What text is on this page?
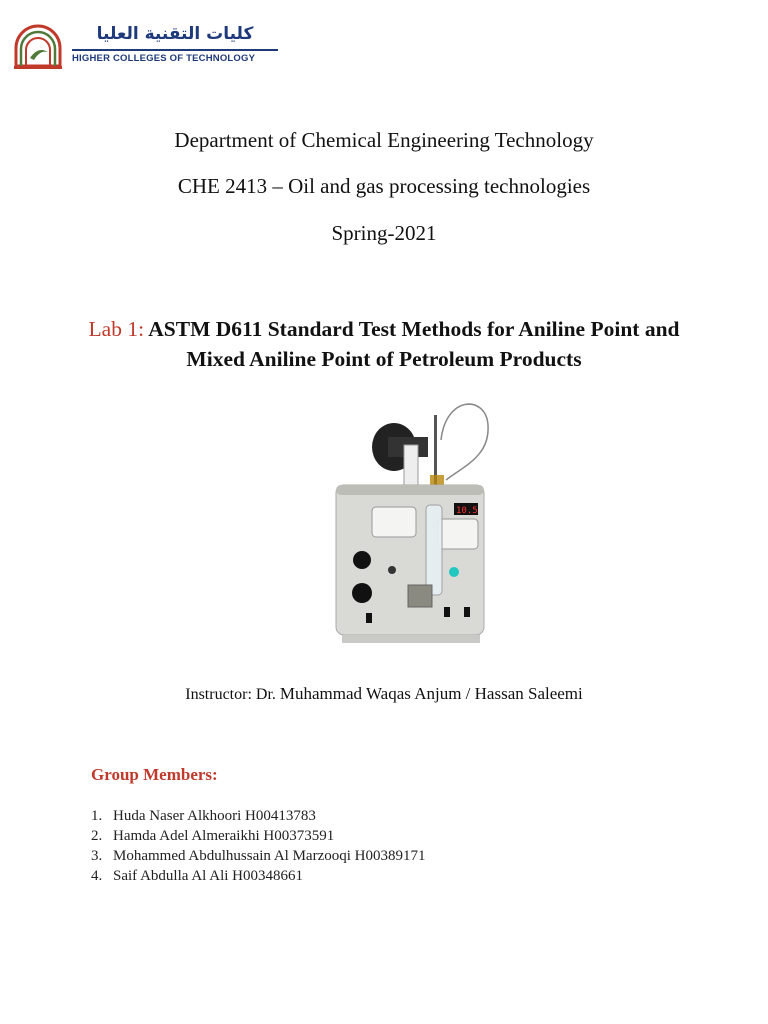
كليات التقنية العليا
HIGHER COLLEGES OF TECHNOLOGY
Department of Chemical Engineering Technology
CHE 2413 – Oil and gas processing technologies
Spring-2021
Lab 1: ASTM D611 Standard Test Methods for Aniline Point and Mixed Aniline Point of Petroleum Products
10.5
Instructor: Dr. Muhammad Waqas Anjum / Hassan Saleemi
Group Members:
1. Huda Naser Alkhoori H00413783
2. Hamda Adel Almeraikhi H00373591
3. Mohammed Abdulhussain Al Marzooqi H00389171
4. Saif Abdulla Al Ali H00348661
